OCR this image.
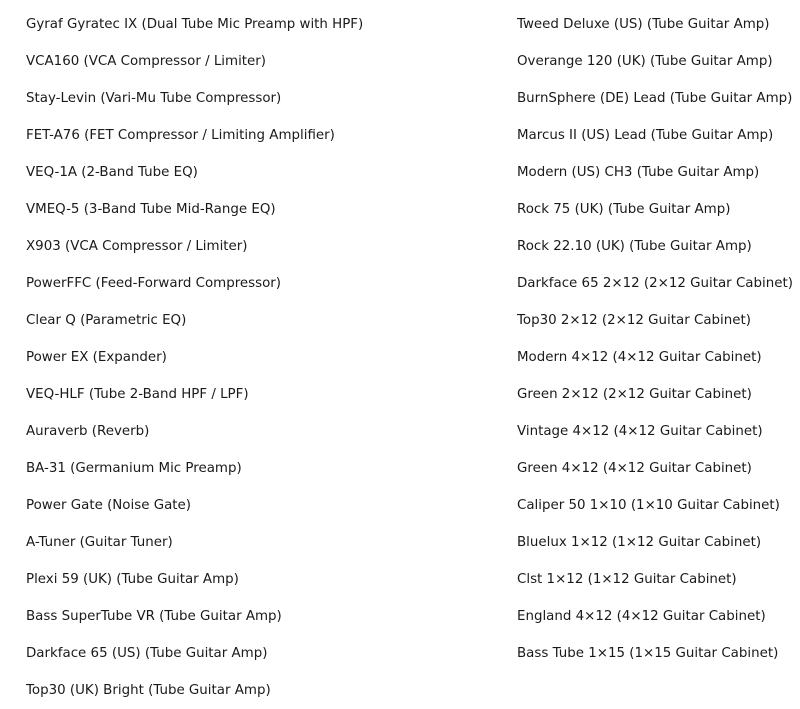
Gyraf Gyratec IX (Dual Tube Mic Preamp with HPF)
VCA160 (VCA Compressor / Limiter)
Stay-Levin (Vari-Mu Tube Compressor)
FET-A76 (FET Compressor / Limiting Amplifier)
VEQ-1A (2-Band Tube EQ)
VMEQ-5 (3-Band Tube Mid-Range EQ)
X903 (VCA Compressor / Limiter)
PowerFFC (Feed-Forward Compressor)
Clear Q (Parametric EQ)
Power EX (Expander)
VEQ-HLF (Tube 2-Band HPF / LPF)
Auraverb (Reverb)
BA-31 (Germanium Mic Preamp)
Power Gate (Noise Gate)
A-Tuner (Guitar Tuner)
Plexi 59 (UK) (Tube Guitar Amp)
Bass SuperTube VR (Tube Guitar Amp)
Darkface 65 (US) (Tube Guitar Amp)
Top30 (UK) Bright (Tube Guitar Amp)
Tweed Deluxe (US) (Tube Guitar Amp)
Overange 120 (UK) (Tube Guitar Amp)
BurnSphere (DE) Lead (Tube Guitar Amp)
Marcus II (US) Lead (Tube Guitar Amp)
Modern (US) CH3 (Tube Guitar Amp)
Rock 75 (UK) (Tube Guitar Amp)
Rock 22.10 (UK) (Tube Guitar Amp)
Darkface 65 2×12 (2×12 Guitar Cabinet)
Top30 2×12 (2×12 Guitar Cabinet)
Modern 4×12 (4×12 Guitar Cabinet)
Green 2×12 (2×12 Guitar Cabinet)
Vintage 4×12 (4×12 Guitar Cabinet)
Green 4×12 (4×12 Guitar Cabinet)
Caliper 50 1×10 (1×10 Guitar Cabinet)
Bluelux 1×12 (1×12 Guitar Cabinet)
Clst 1×12 (1×12 Guitar Cabinet)
England 4×12 (4×12 Guitar Cabinet)
Bass Tube 1×15 (1×15 Guitar Cabinet)
